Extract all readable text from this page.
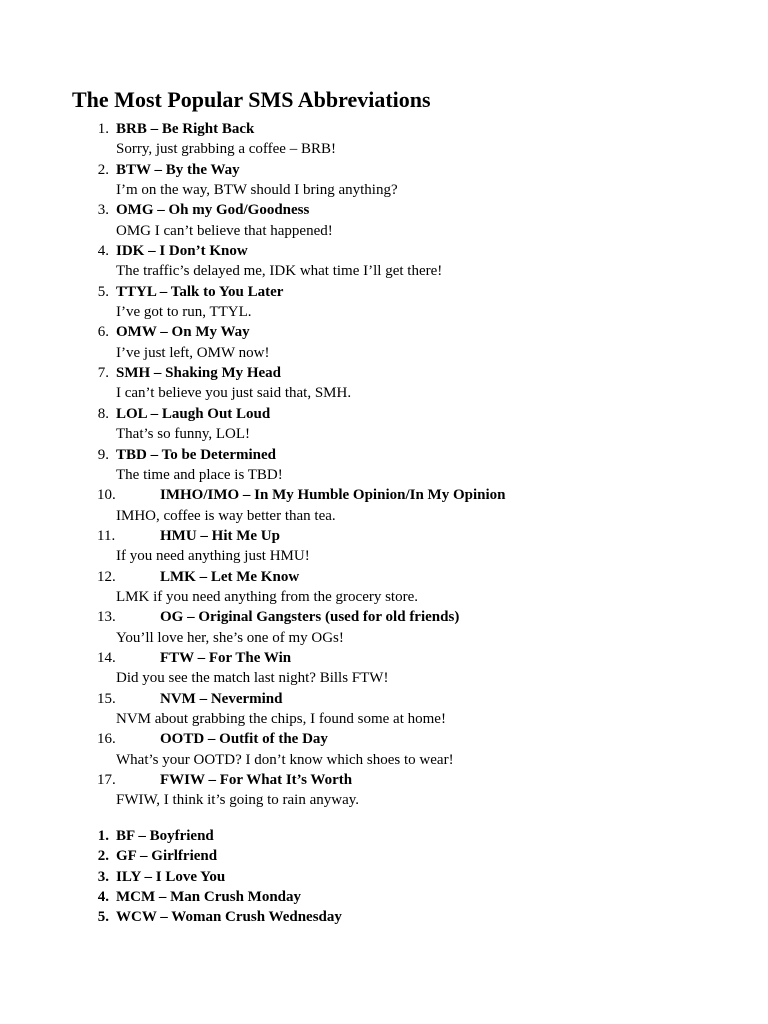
The Most Popular SMS Abbreviations
1. BRB – Be Right Back
Sorry, just grabbing a coffee – BRB!
2. BTW – By the Way
I’m on the way, BTW should I bring anything?
3. OMG – Oh my God/Goodness
OMG I can’t believe that happened!
4. IDK – I Don’t Know
The traffic’s delayed me, IDK what time I’ll get there!
5. TTYL – Talk to You Later
I’ve got to run, TTYL.
6. OMW – On My Way
I’ve just left, OMW now!
7. SMH – Shaking My Head
I can’t believe you just said that, SMH.
8. LOL – Laugh Out Loud
That’s so funny, LOL!
9. TBD – To be Determined
The time and place is TBD!
10.	IMHO/IMO – In My Humble Opinion/In My Opinion
IMHO, coffee is way better than tea.
11.	HMU – Hit Me Up
If you need anything just HMU!
12.	LMK – Let Me Know
LMK if you need anything from the grocery store.
13.	OG – Original Gangsters (used for old friends)
You’ll love her, she’s one of my OGs!
14.	FTW – For The Win
Did you see the match last night? Bills FTW!
15.	NVM – Nevermind
NVM about grabbing the chips, I found some at home!
16.	OOTD – Outfit of the Day
What’s your OOTD? I don’t know which shoes to wear!
17.	FWIW – For What It’s Worth
FWIW, I think it’s going to rain anyway.
1. BF – Boyfriend
2. GF – Girlfriend
3. ILY – I Love You
4. MCM – Man Crush Monday
5. WCW – Woman Crush Wednesday
